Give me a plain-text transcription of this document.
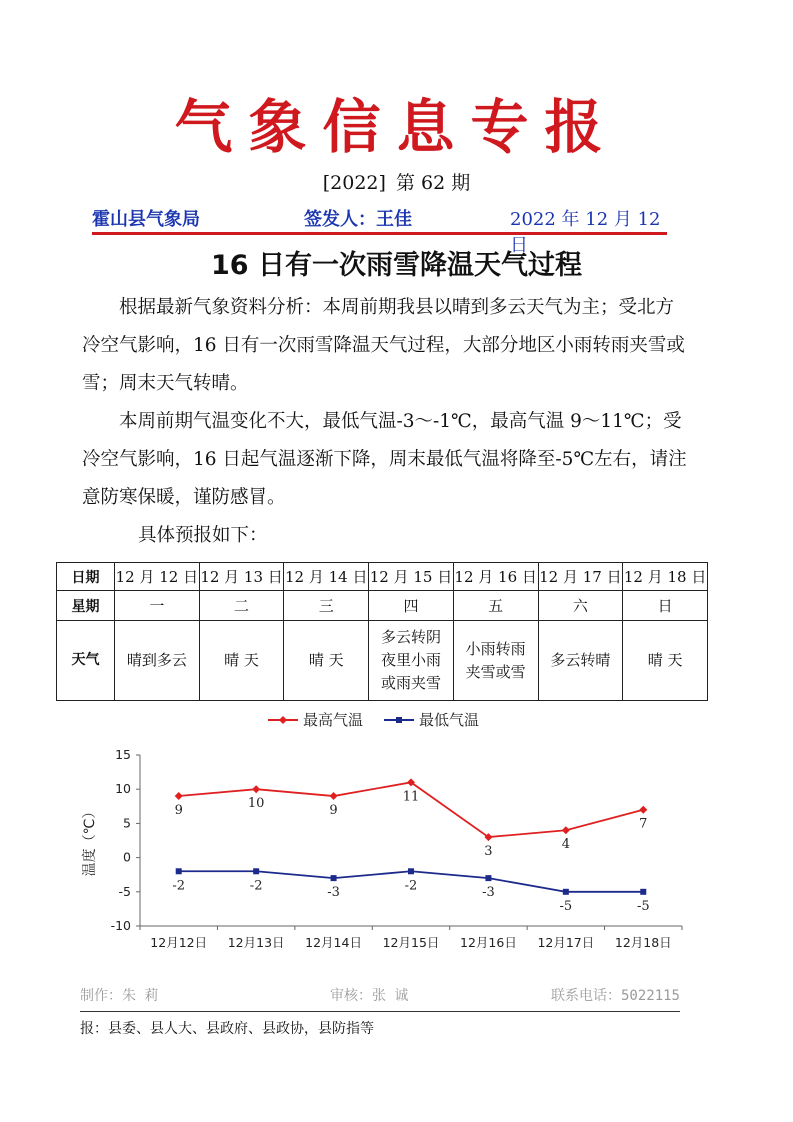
气象信息专报
[2022] 第 62 期
霍山县气象局	签发人：王佳	2022 年 12 月 12 日
16 日有一次雨雪降温天气过程

根据最新气象资料分析：本周前期我县以晴到多云天气为主；受北方冷空气影响，16 日有一次雨雪降温天气过程，大部分地区小雨转雨夹雪或雪；周末天气转晴。

本周前期气温变化不大，最低气温-3～-1℃，最高气温 9～11℃；受冷空气影响，16 日起气温逐渐下降，周末最低气温将降至-5℃左右，请注意防寒保暖，谨防感冒。

具体预报如下：

日期	12 月 12 日	12 月 13 日	12 月 14 日	12 月 15 日	12 月 16 日	12 月 17 日	12 月 18 日
星期	一	二	三	四	五	六	日
天气	晴到多云	晴 天	晴 天	多云转阴
夜里小雨
或雨夹雪	小雨转雨
夹雪或雪	多云转晴	晴 天
最高气温	最低气温
15
10
5
0
-5
-10
12月12日 12月13日 12月14日 12月15日 12月16日 12月17日 12月18日
温度（℃）	9	10	9
11
3	4
7
-2	-2	-3	-2	-3
-5	-5
制作：朱 莉	审核：张 诚	联系电话：5022115
报：县委、县人大、县政府、县政协，县防指等
